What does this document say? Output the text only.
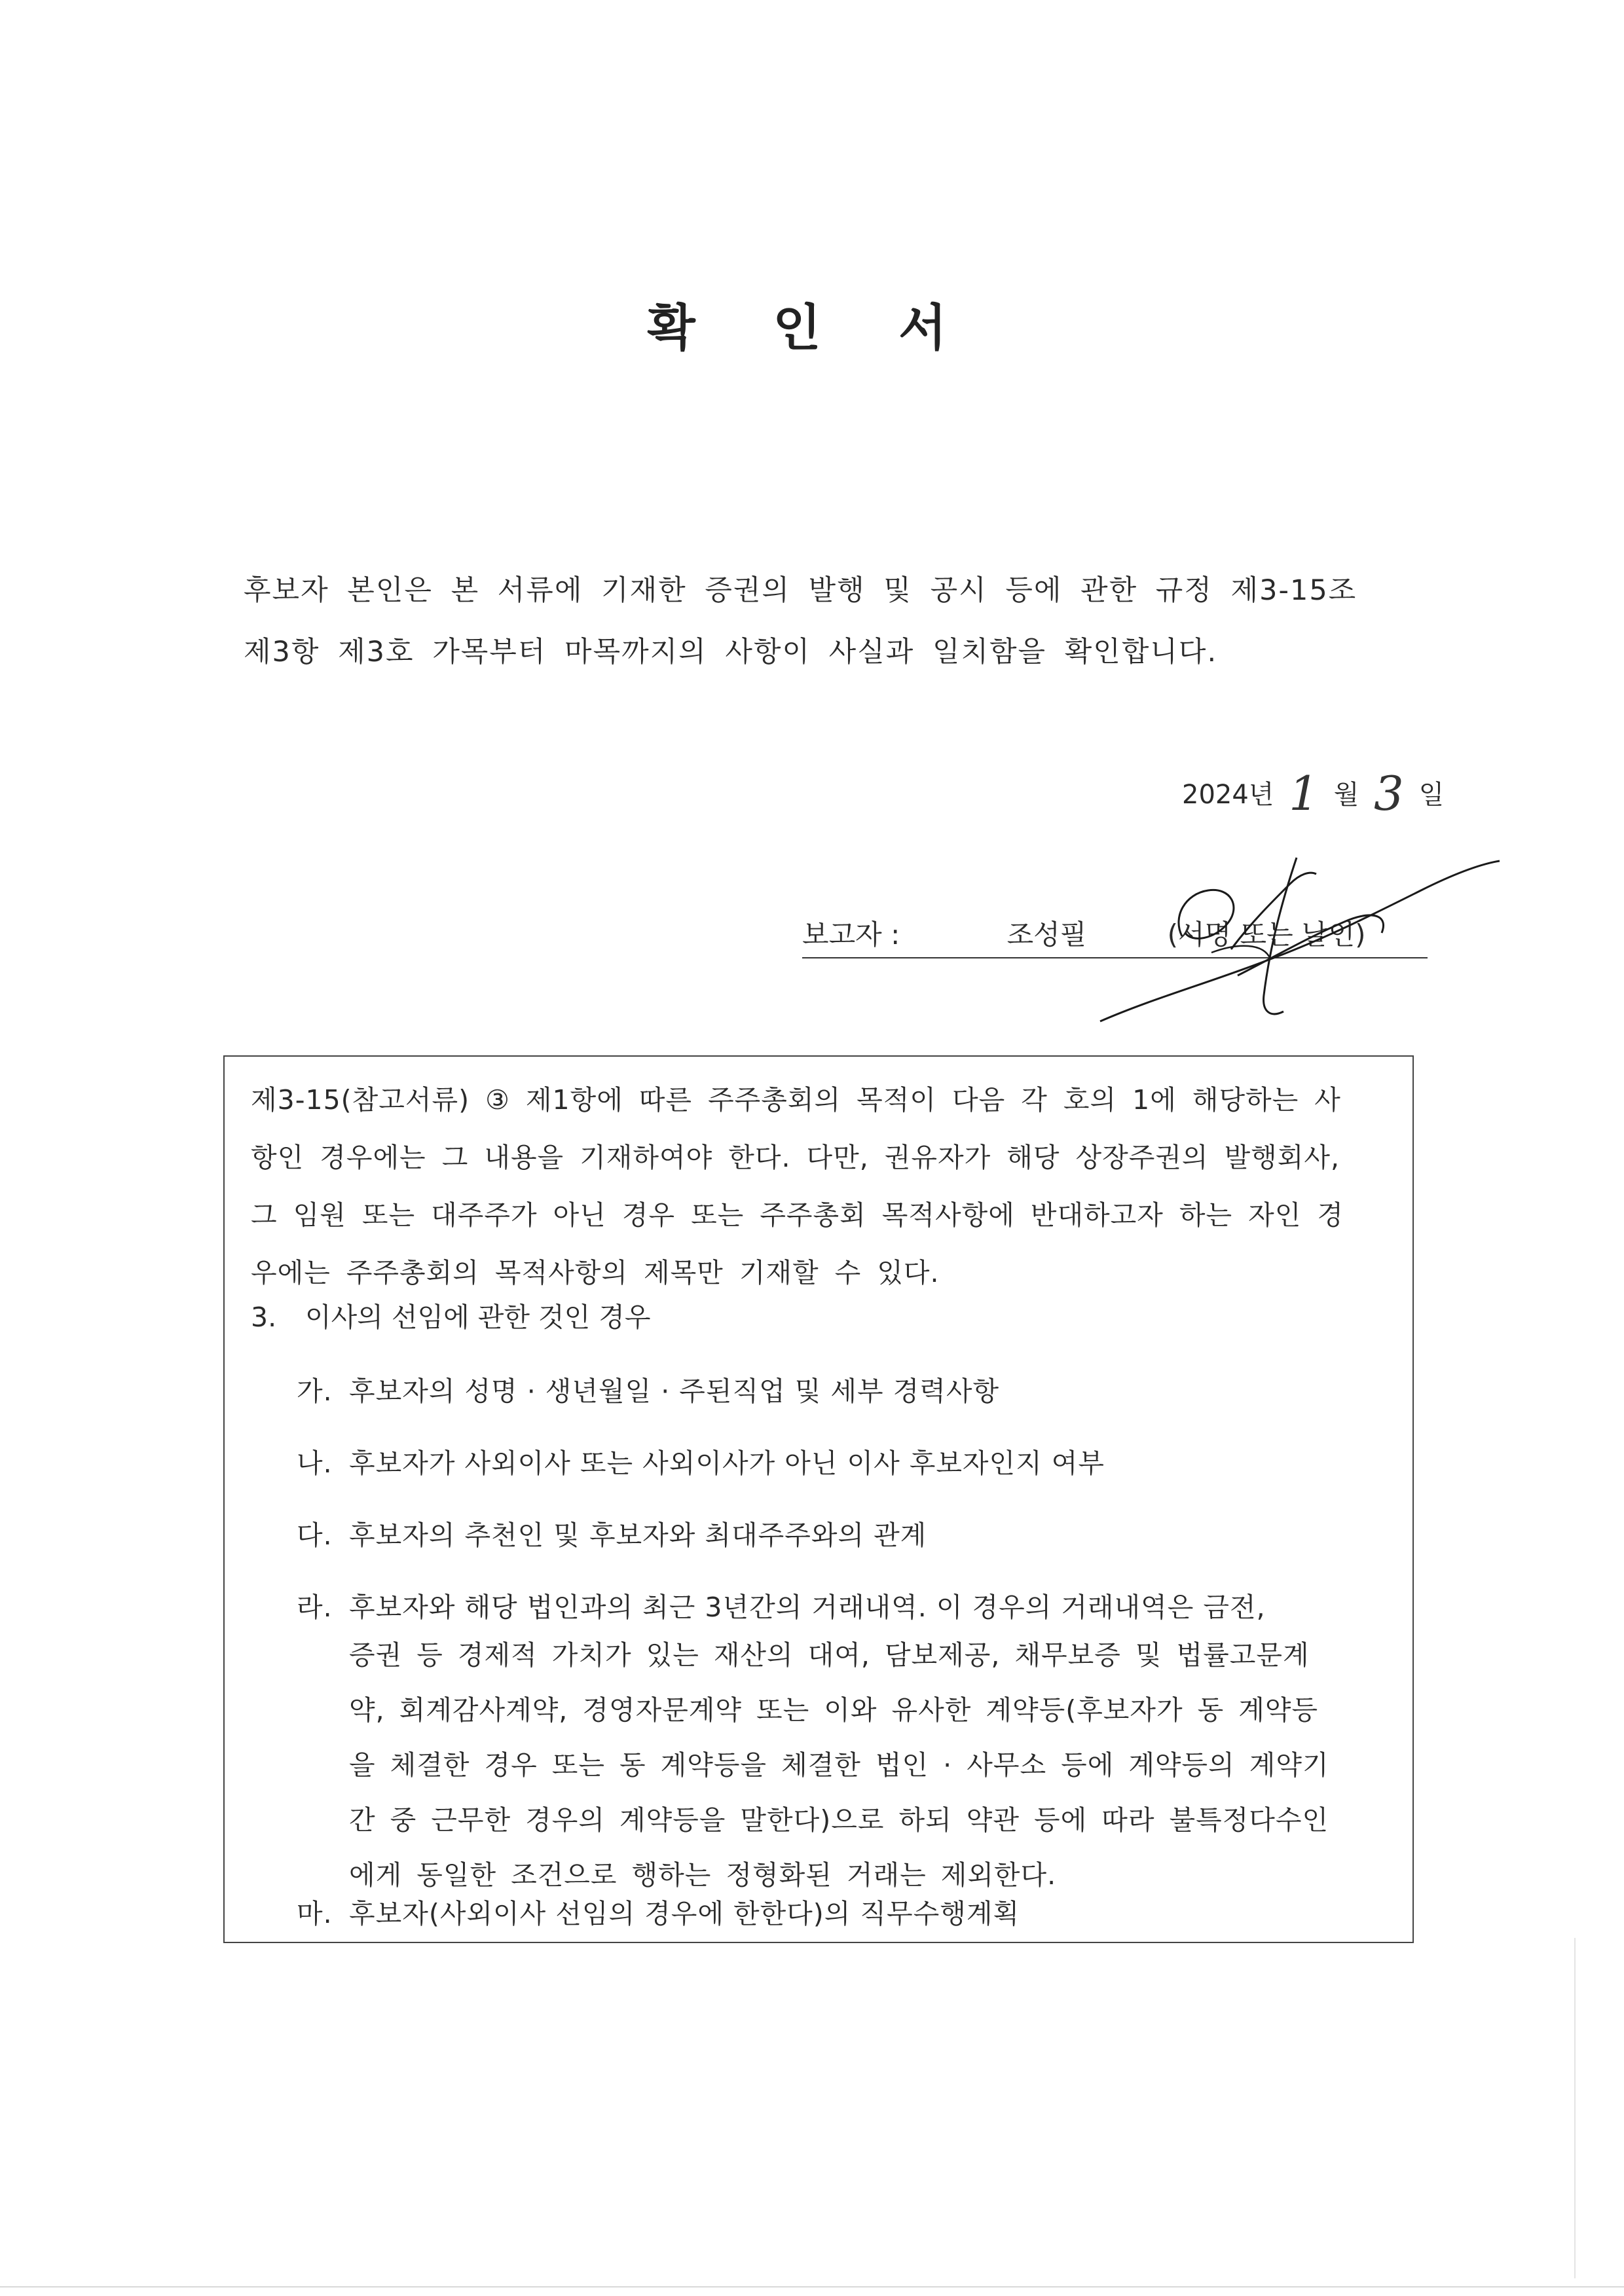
확 인 서
후보자 본인은 본 서류에 기재한 증권의 발행 및 공시 등에 관한 규정 제3-15조
제3항 제3호 가목부터 마목까지의 사항이 사실과 일치함을 확인합니다.
2024년 1 월 3 일
보고자 :	조성필	(서명 또는 날인)
제3-15(참고서류) ③ 제1항에 따른 주주총회의 목적이 다음 각 호의 1에 해당하는 사
항인 경우에는 그 내용을 기재하여야 한다. 다만, 권유자가 해당 상장주권의 발행회사,
그 임원 또는 대주주가 아닌 경우 또는 주주총회 목적사항에 반대하고자 하는 자인 경
우에는 주주총회의 목적사항의 제목만 기재할 수 있다.
3. 이사의 선임에 관한 것인 경우
가. 후보자의 성명 · 생년월일 · 주된직업 및 세부 경력사항
나. 후보자가 사외이사 또는 사외이사가 아닌 이사 후보자인지 여부
다. 후보자의 추천인 및 후보자와 최대주주와의 관계
라. 후보자와 해당 법인과의 최근 3년간의 거래내역. 이 경우의 거래내역은 금전,
증권 등 경제적 가치가 있는 재산의 대여, 담보제공, 채무보증 및 법률고문계
약, 회계감사계약, 경영자문계약 또는 이와 유사한 계약등(후보자가 동 계약등
을 체결한 경우 또는 동 계약등을 체결한 법인 · 사무소 등에 계약등의 계약기
간 중 근무한 경우의 계약등을 말한다)으로 하되 약관 등에 따라 불특정다수인
에게 동일한 조건으로 행하는 정형화된 거래는 제외한다.
마. 후보자(사외이사 선임의 경우에 한한다)의 직무수행계획
